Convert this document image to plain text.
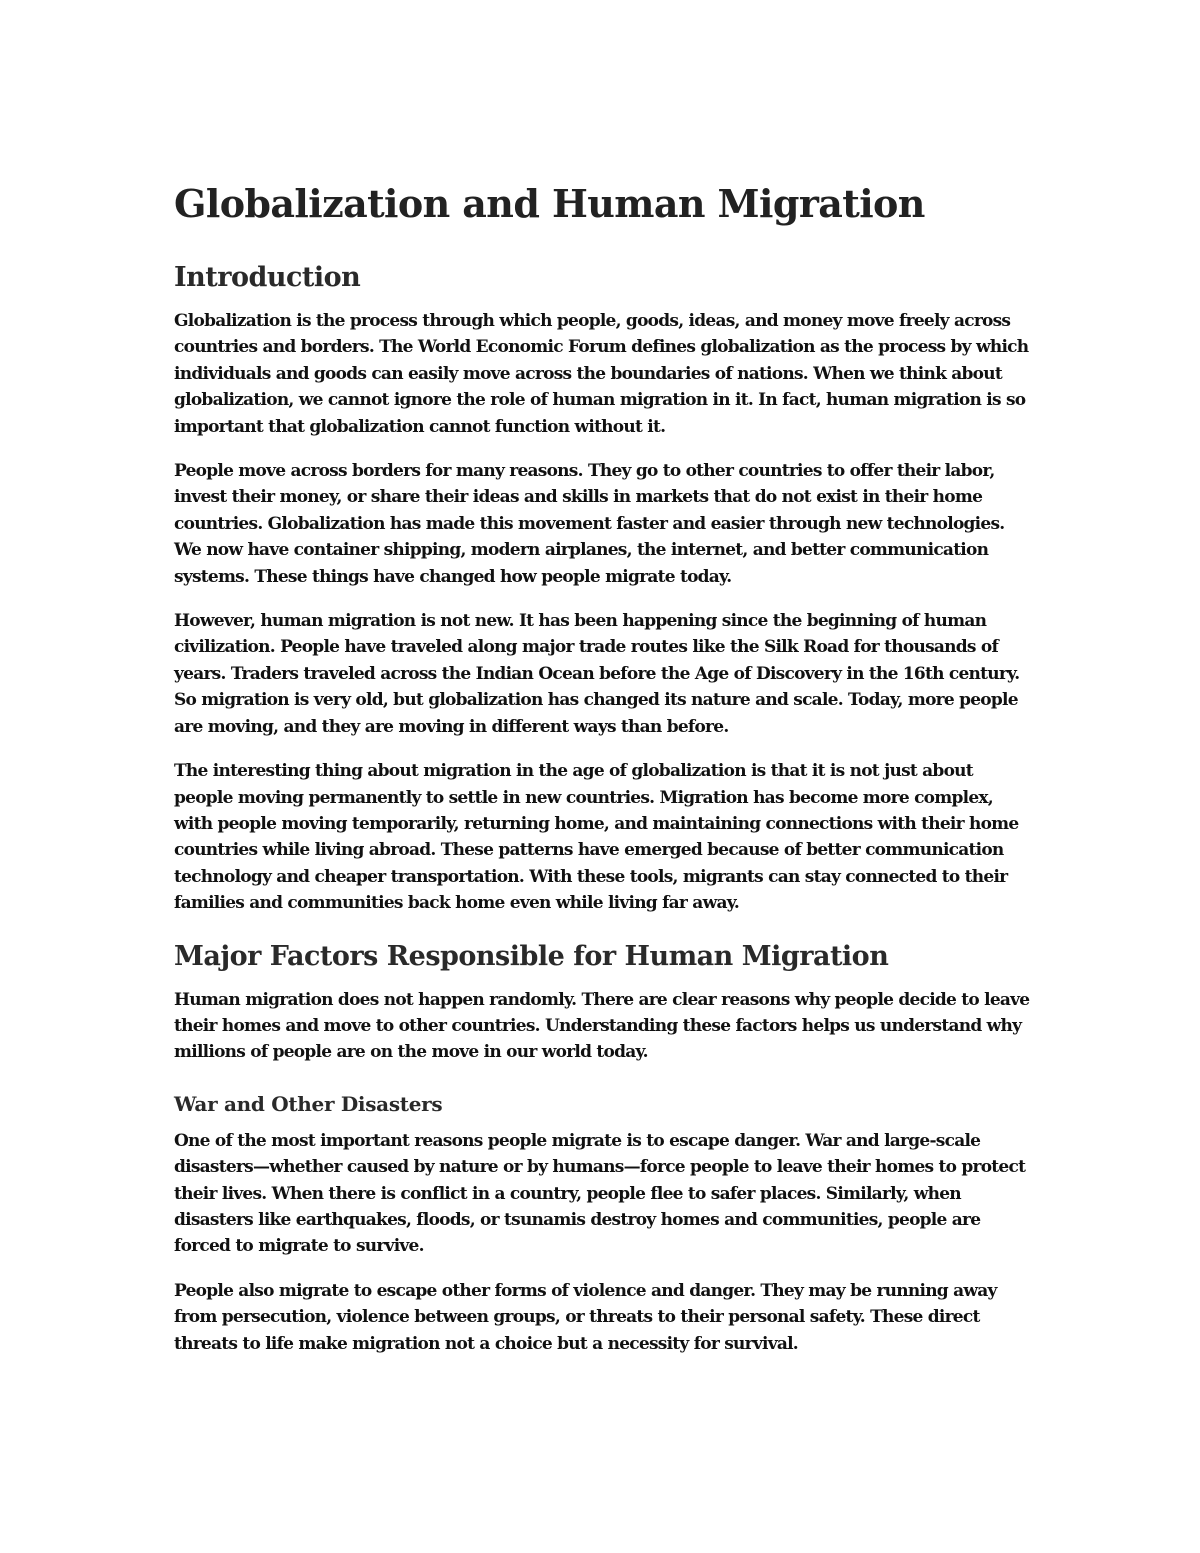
Globalization and Human Migration
Introduction

Globalization is the process through which people, goods, ideas, and money move freely across countries and borders. The World Economic Forum defines globalization as the process by which individuals and goods can easily move across the boundaries of nations. When we think about globalization, we cannot ignore the role of human migration in it. In fact, human migration is so important that globalization cannot function without it.

People move across borders for many reasons. They go to other countries to offer their labor, invest their money, or share their ideas and skills in markets that do not exist in their home countries. Globalization has made this movement faster and easier through new technologies. We now have container shipping, modern airplanes, the internet, and better communication systems. These things have changed how people migrate today.

However, human migration is not new. It has been happening since the beginning of human civilization. People have traveled along major trade routes like the Silk Road for thousands of years. Traders traveled across the Indian Ocean before the Age of Discovery in the 16th century. So migration is very old, but globalization has changed its nature and scale. Today, more people are moving, and they are moving in different ways than before.

The interesting thing about migration in the age of globalization is that it is not just about people moving permanently to settle in new countries. Migration has become more complex, with people moving temporarily, returning home, and maintaining connections with their home countries while living abroad. These patterns have emerged because of better communication technology and cheaper transportation. With these tools, migrants can stay connected to their families and communities back home even while living far away.

Major Factors Responsible for Human Migration

Human migration does not happen randomly. There are clear reasons why people decide to leave their homes and move to other countries. Understanding these factors helps us understand why millions of people are on the move in our world today.

War and Other Disasters

One of the most important reasons people migrate is to escape danger. War and large-scale disasters—whether caused by nature or by humans—force people to leave their homes to protect their lives. When there is conflict in a country, people flee to safer places. Similarly, when disasters like earthquakes, floods, or tsunamis destroy homes and communities, people are forced to migrate to survive.

People also migrate to escape other forms of violence and danger. They may be running away from persecution, violence between groups, or threats to their personal safety. These direct threats to life make migration not a choice but a necessity for survival.
